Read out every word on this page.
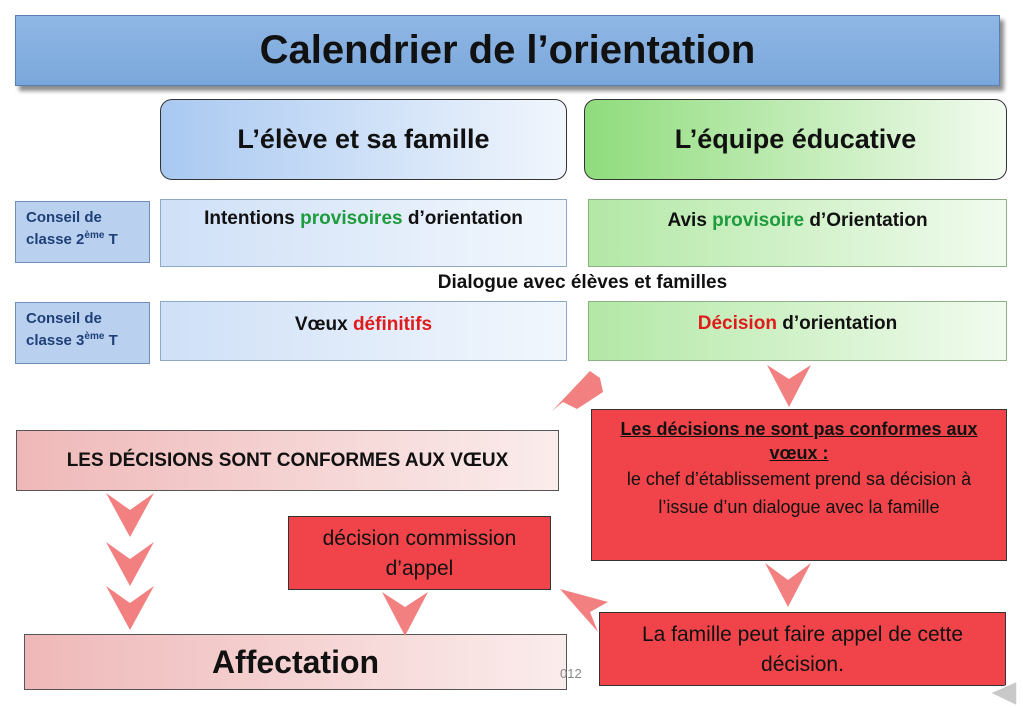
Calendrier de l’orientation
L’élève et sa famille	L’équipe éducative
Conseil de
classe 2ème T
Intentions provisoires d’orientation	Avis provisoire d’Orientation
Dialogue avec élèves et familles
Conseil de
classe 3ème T
Vœux définitifs	Décision d’orientation
LES DÉCISIONS SONT CONFORMES AUX VŒUX
Les décisions ne sont pas conformes aux vœux :
le chef d’établissement prend sa décision à l’issue d’un dialogue avec la famille
décision commission d’appel
La famille peut faire appel de cette décision.
Affectation	012
